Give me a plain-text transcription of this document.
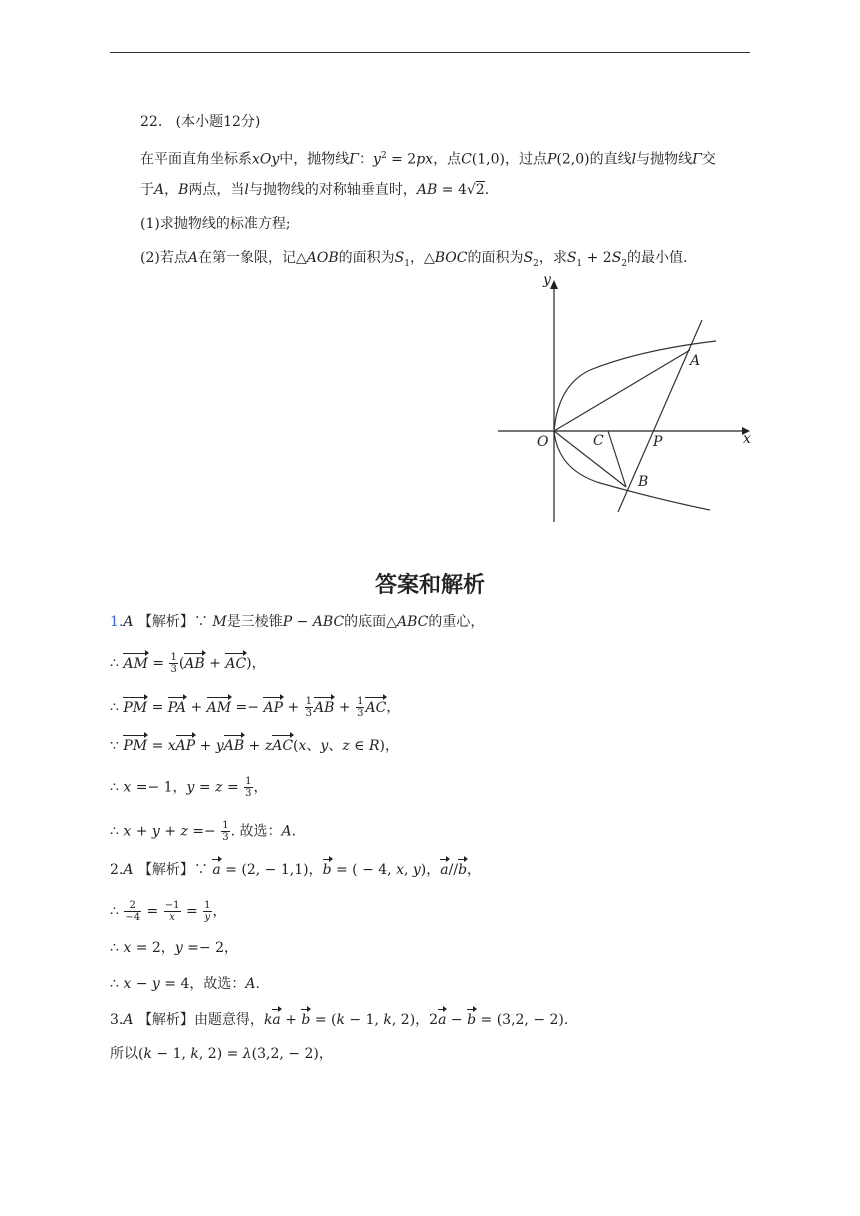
22. (本小题12分)
在平面直角坐标系xOy中，抛物线Γ：$y^2 = 2px$，点C(1,0)，过点P(2,0)的直线l与抛物线Γ交
于A，B两点，当l与抛物线的对称轴垂直时，AB = 4√2.
(1)求抛物线的标准方程;
(2)若点A在第一象限，记△AOB的面积为$S_1$，△BOC的面积为$S_2$，求$S_1 + 2S_2$的最小值.
y
x
O	C	P
A
B
答案和解析
1.A 【解析】∵ M是三棱锥P − ABC的底面△ABC的重心，
∴ AM = $\frac{1}{3} (AB + AC)$，
∴ PM = PA + AM =− AP + $\frac{1}{3}$ AB + $\frac{1}{3}$ AC，
∵ PM = xAP + yAB + zAC(x、y、z ∈ R)，
∴ x =− 1，$y = z = \frac{1}{3}$ ，
∴ $x + y + z =- \frac{1}{3}$ . 故选：A.
2.A 【解析】∵ a = (2, − 1,1)，b = ( − 4, x, y)，a//b，
∴ $\frac{2}{-4} = \frac{-1}{x} = \frac{1}{y}$ ，
∴ x = 2，y =− 2，
∴ x − y = 4，故选：A.
3.A 【解析】由题意得，ka + b = (k − 1, k, 2)，2a − b = (3,2, − 2).
所以(k − 1, k, 2) = λ(3,2, − 2)，
